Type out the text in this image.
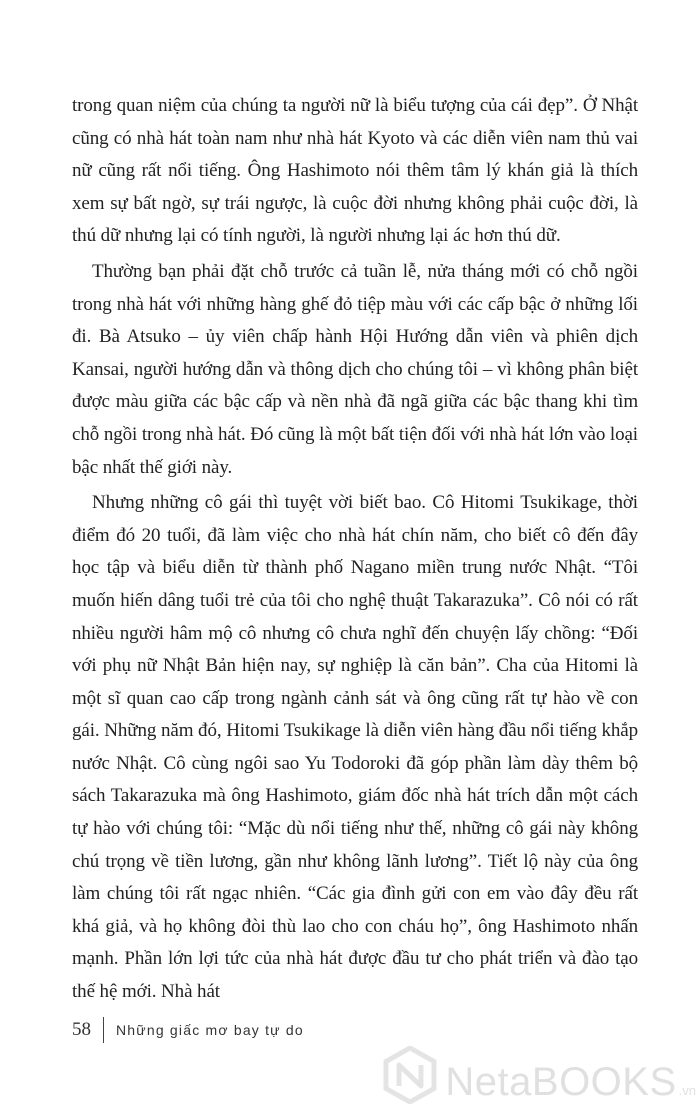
trong quan niệm của chúng ta người nữ là biểu tượng của cái đẹp”. Ở Nhật cũng có nhà hát toàn nam như nhà hát Kyoto và các diễn viên nam thủ vai nữ cũng rất nổi tiếng. Ông Hashimoto nói thêm tâm lý khán giả là thích xem sự bất ngờ, sự trái ngược, là cuộc đời nhưng không phải cuộc đời, là thú dữ nhưng lại có tính người, là người nhưng lại ác hơn thú dữ.

Thường bạn phải đặt chỗ trước cả tuần lễ, nửa tháng mới có chỗ ngồi trong nhà hát với những hàng ghế đỏ tiệp màu với các cấp bậc ở những lối đi. Bà Atsuko – ủy viên chấp hành Hội Hướng dẫn viên và phiên dịch Kansai, người hướng dẫn và thông dịch cho chúng tôi – vì không phân biệt được màu giữa các bậc cấp và nền nhà đã ngã giữa các bậc thang khi tìm chỗ ngồi trong nhà hát. Đó cũng là một bất tiện đối với nhà hát lớn vào loại bậc nhất thế giới này.

Nhưng những cô gái thì tuyệt vời biết bao. Cô Hitomi Tsukikage, thời điểm đó 20 tuổi, đã làm việc cho nhà hát chín năm, cho biết cô đến đây học tập và biểu diễn từ thành phố Nagano miền trung nước Nhật. “Tôi muốn hiến dâng tuổi trẻ của tôi cho nghệ thuật Takarazuka”. Cô nói có rất nhiều người hâm mộ cô nhưng cô chưa nghĩ đến chuyện lấy chồng: “Đối với phụ nữ Nhật Bản hiện nay, sự nghiệp là căn bản”. Cha của Hitomi là một sĩ quan cao cấp trong ngành cảnh sát và ông cũng rất tự hào về con gái. Những năm đó, Hitomi Tsukikage là diễn viên hàng đầu nổi tiếng khắp nước Nhật. Cô cùng ngôi sao Yu Todoroki đã góp phần làm dày thêm bộ sách Takarazuka mà ông Hashimoto, giám đốc nhà hát trích dẫn một cách tự hào với chúng tôi: “Mặc dù nổi tiếng như thế, những cô gái này không chú trọng về tiền lương, gần như không lãnh lương”. Tiết lộ này của ông làm chúng tôi rất ngạc nhiên. “Các gia đình gửi con em vào đây đều rất khá giả, và họ không đòi thù lao cho con cháu họ”, ông Hashimoto nhấn mạnh. Phần lớn lợi tức của nhà hát được đầu tư cho phát triển và đào tạo thế hệ mới. Nhà hát

58 Những giấc mơ bay tự do
NetaBOOKS .vn
